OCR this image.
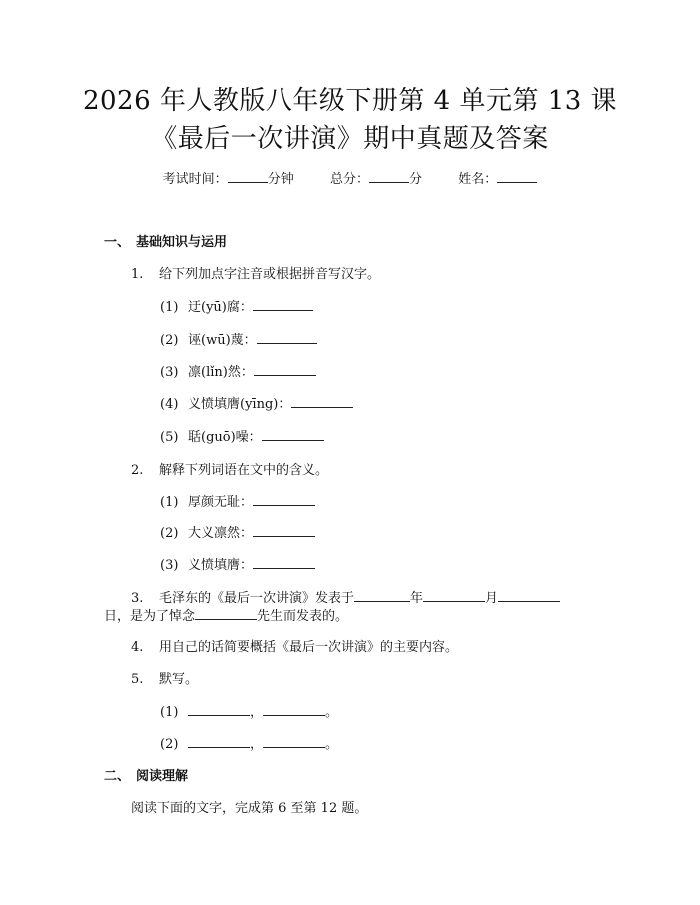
2026 年人教版八年级下册第 4 单元第 13 课
《最后一次讲演》期中真题及答案
考试时间：	分钟	总分：	分	姓名：
一、 基础知识与运用
1. 给下列加点字注音或根据拼音写汉字。
(1) 迂(yū)腐：
(2) 诬(wū)蔑：
(3) 凛(lǐn)然：
(4) 义愤填膺(yīng)：
(5) 聒(guō)噪：
2. 解释下列词语在文中的含义。
(1) 厚颜无耻：
(2) 大义凛然：
(3) 义愤填膺：
3. 毛泽东的《最后一次讲演》发表于	年	月
日，是为了悼念	先生而发表的。
4. 用自己的话简要概括《最后一次讲演》的主要内容。
5. 默写。
(1)	，	。
(2)	，	。
二、 阅读理解
阅读下面的文字，完成第 6 至第 12 题。
